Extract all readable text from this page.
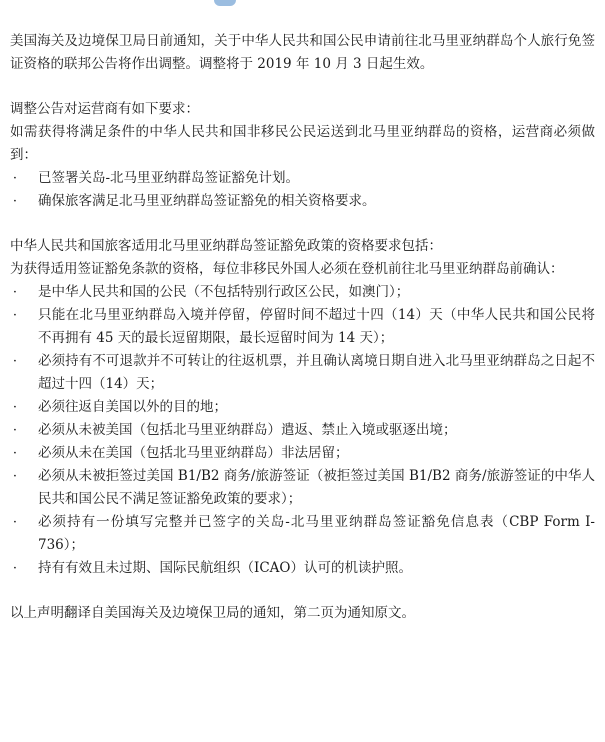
美国海关及边境保卫局日前通知，关于中华人民共和国公民申请前往北马里亚纳群岛个人旅行免签证资格的联邦公告将作出调整。调整将于 2019 年 10 月 3 日起生效。

调整公告对运营商有如下要求：

如需获得将满足条件的中华人民共和国非移民公民运送到北马里亚纳群岛的资格，运营商必须做到：

· 已签署关岛-北马里亚纳群岛签证豁免计划。
· 确保旅客满足北马里亚纳群岛签证豁免的相关资格要求。

中华人民共和国旅客适用北马里亚纳群岛签证豁免政策的资格要求包括：

为获得适用签证豁免条款的资格，每位非移民外国人必须在登机前往北马里亚纳群岛前确认：

· 是中华人民共和国的公民（不包括特别行政区公民，如澳门）；
· 只能在北马里亚纳群岛入境并停留，停留时间不超过十四（14）天（中华人民共和国公民将不再拥有 45 天的最长逗留期限，最长逗留时间为 14 天）；
· 必须持有不可退款并不可转让的往返机票，并且确认离境日期自进入北马里亚纳群岛之日起不超过十四（14）天；
· 必须往返自美国以外的目的地；
· 必须从未被美国（包括北马里亚纳群岛）遣返、禁止入境或驱逐出境；
· 必须从未在美国（包括北马里亚纳群岛）非法居留；
· 必须从未被拒签过美国 B1/B2 商务/旅游签证（被拒签过美国 B1/B2 商务/旅游签证的中华人民共和国公民不满足签证豁免政策的要求）；
· 必须持有一份填写完整并已签字的关岛-北马里亚纳群岛签证豁免信息表（CBP Form I-736）；
· 持有有效且未过期、国际民航组织（ICAO）认可的机读护照。

以上声明翻译自美国海关及边境保卫局的通知，第二页为通知原文。
